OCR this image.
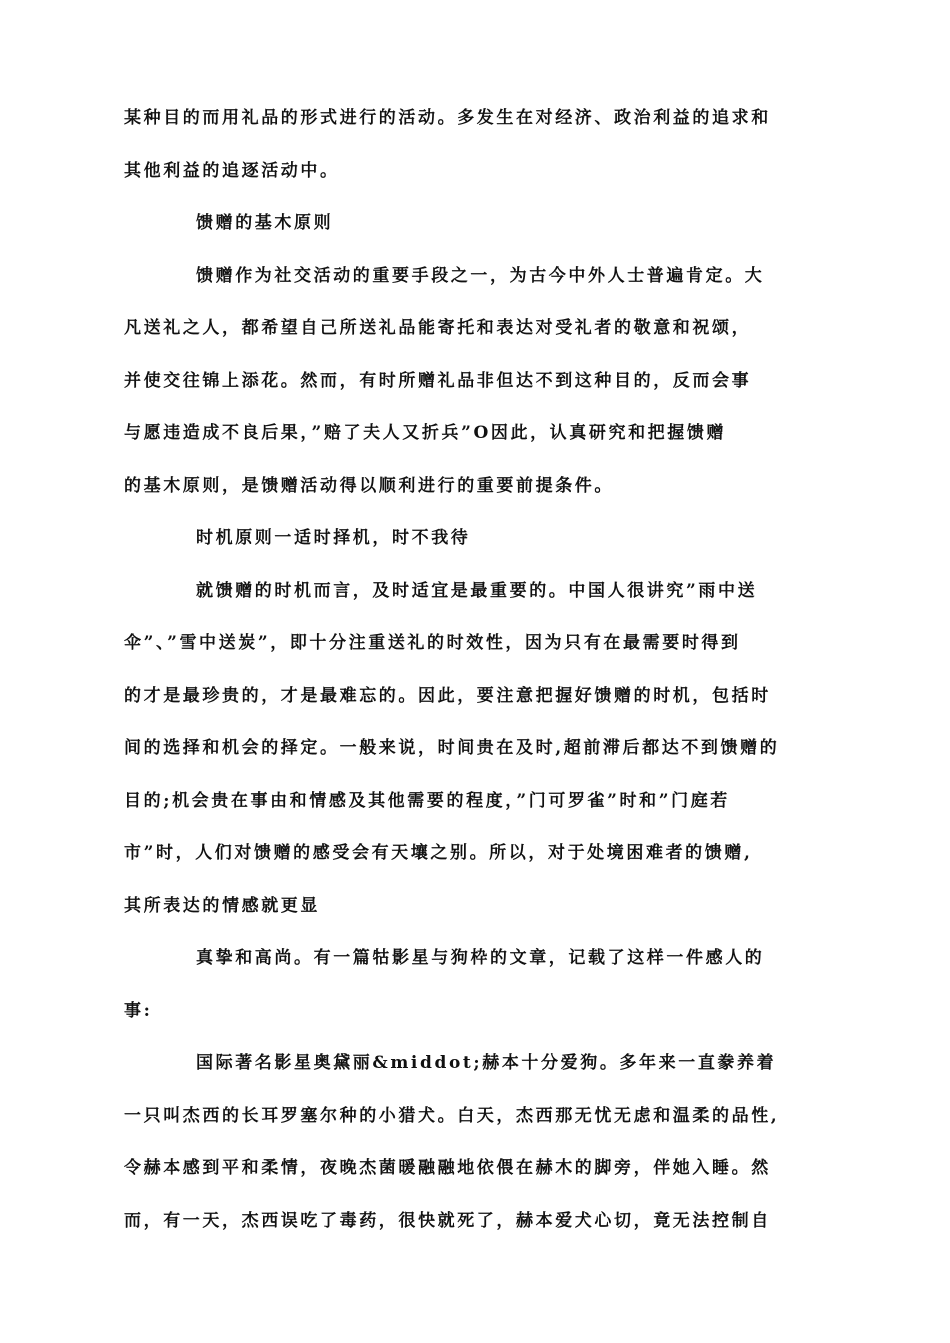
某种目的而用礼品的形式进行的活动。多发生在对经济、政治利益的追求和
其他利益的追逐活动中。
馈赠的基木原则
馈赠作为社交活动的重要手段之一，为古今中外人士普遍肯定。大
凡送礼之人，都希望自己所送礼品能寄托和表达对受礼者的敬意和祝颂，
并使交往锦上添花。然而，有时所赠礼品非但达不到这种目的，反而会事
与愿违造成不良后果，”赔了夫人又折兵”O因此，认真研究和把握馈赠
的基木原则，是馈赠活动得以顺利进行的重要前提条件。
时机原则一适时择机，时不我待
就馈赠的时机而言，及时适宜是最重要的。中国人很讲究”雨中送
伞”、”雪中送炭”，即十分注重送礼的时效性，因为只有在最需要时得到
的才是最珍贵的，才是最难忘的。因此，要注意把握好馈赠的时机，包括时
间的选择和机会的择定。一般来说，时间贵在及时,超前滞后都达不到馈赠的
目的;机会贵在事由和情感及其他需要的程度，”门可罗雀”时和”门庭若
市”时，人们对馈赠的感受会有天壤之别。所以，对于处境困难者的馈赠,
其所表达的情感就更显
真挚和高尚。有一篇牯影星与狗枠的文章，记载了这样一件感人的
事:
国际著名影星奥黛丽&middot;赫本十分爱狗。多年来一直豢养着
一只叫杰西的长耳罗塞尔种的小猎犬。白天，杰西那无忧无虑和温柔的品性,
令赫本感到平和柔情，夜晚杰菌暖融融地依偎在赫木的脚旁，伴她入睡。然
而，有一天，杰西误吃了毒药，很快就死了，赫本爱犬心切，竟无法控制自
